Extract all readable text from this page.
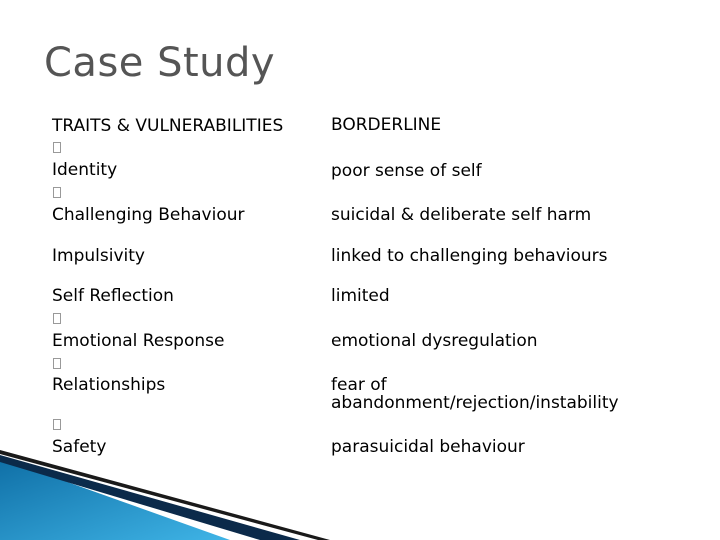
Case Study
TRAITS & VULNERABILITIES	BORDERLINE
Identity	poor sense of self
Challenging Behaviour	suicidal & deliberate self harm
Impulsivity	linked to challenging behaviours
Self Reflection	limited
Emotional Response	emotional dysregulation
Relationships	fear of abandonment/rejection/instability
Safety	parasuicidal behaviour
